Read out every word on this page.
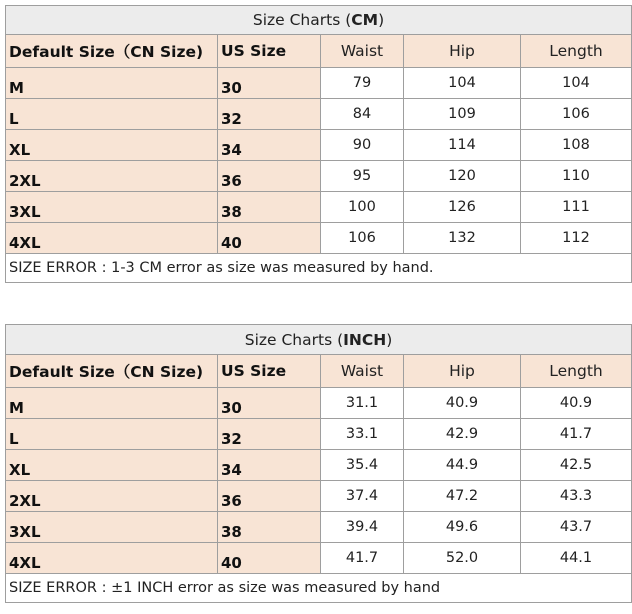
Size Charts (CM)				
Default Size（CN Size)	US Size	Waist	Hip	Length
M	30	79	104	104
L	32	84	109	106
XL	34	90	114	108
2XL	36	95	120	110
3XL	38	100	126	111
4XL	40	106	132	112
SIZE ERROR : 1-3 CM error as size was measured by hand.				
Size Charts (INCH)				
Default Size（CN Size)	US Size	Waist	Hip	Length
M	30	31.1	40.9	40.9
L	32	33.1	42.9	41.7
XL	34	35.4	44.9	42.5
2XL	36	37.4	47.2	43.3
3XL	38	39.4	49.6	43.7
4XL	40	41.7	52.0	44.1
SIZE ERROR : ±1 INCH error as size was measured by hand				
